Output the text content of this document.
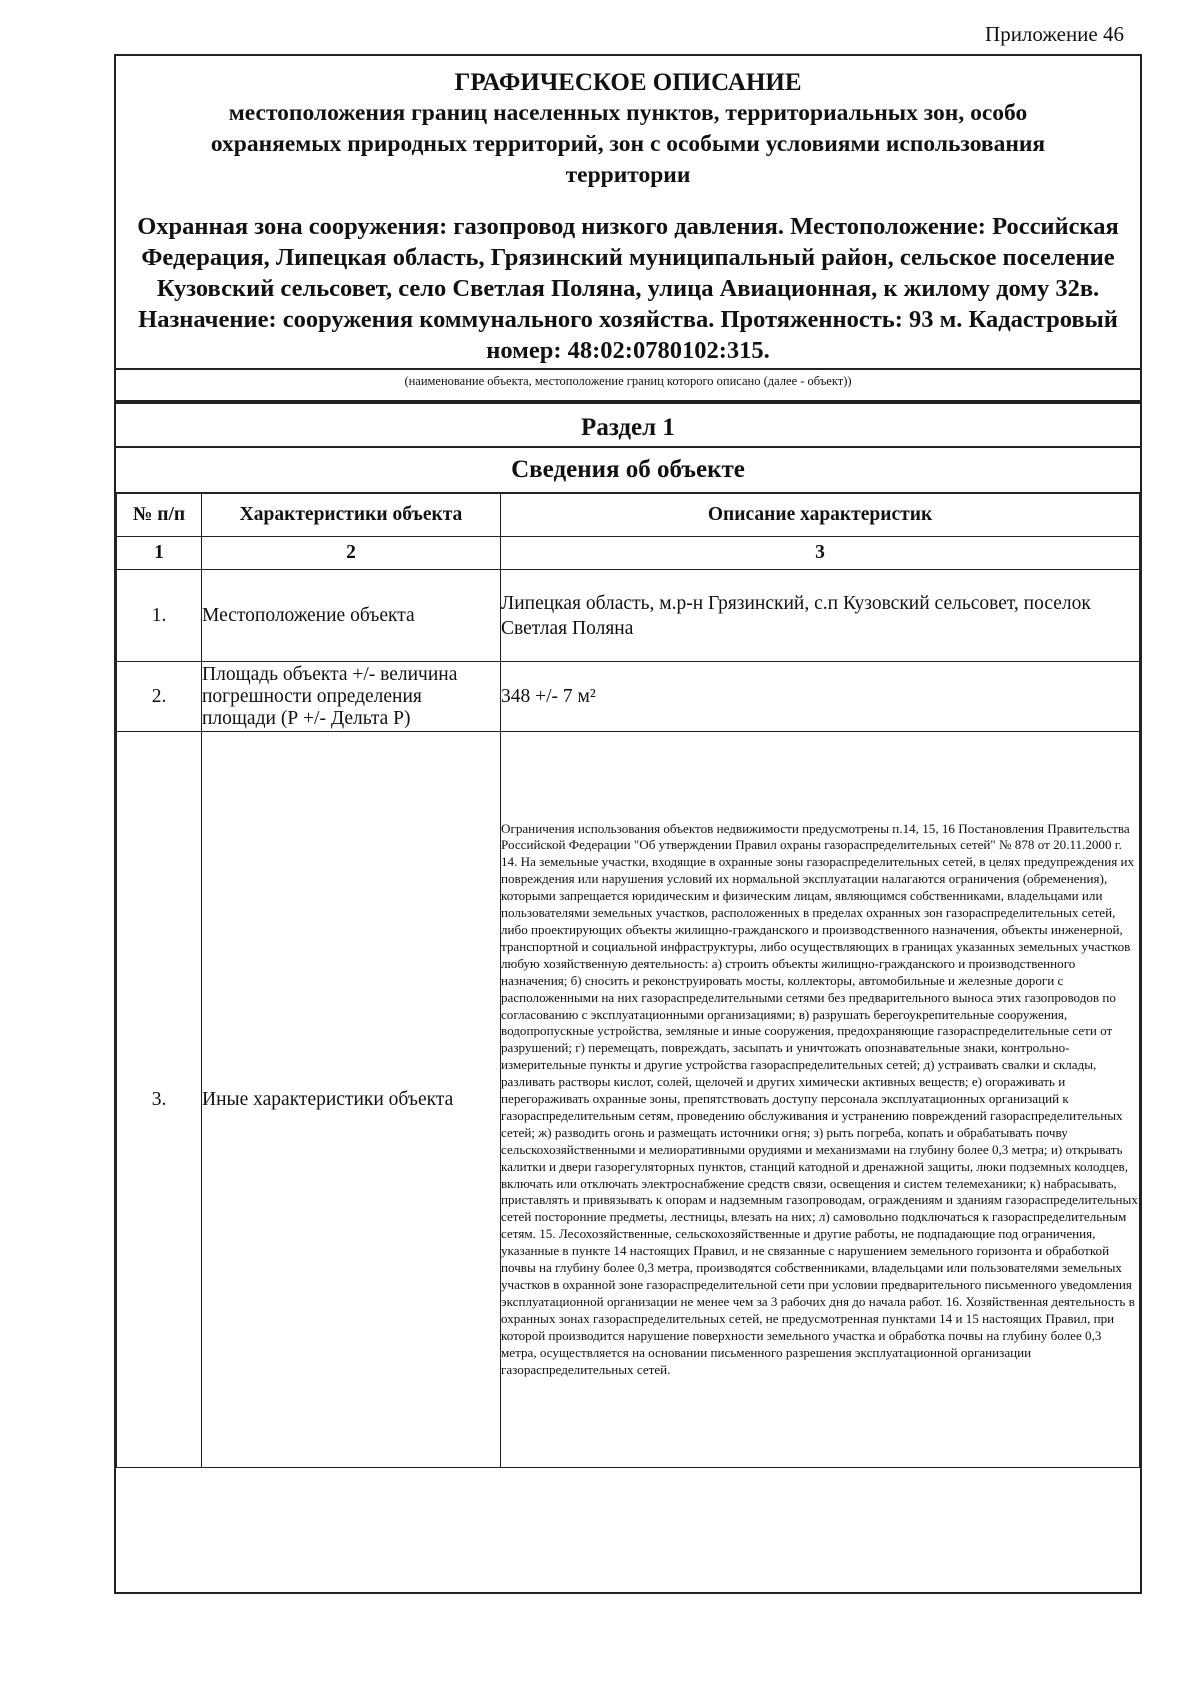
Приложение 46
ГРАФИЧЕСКОЕ ОПИСАНИЕ
местоположения границ населенных пунктов, территориальных зон, особо охраняемых природных территорий, зон с особыми условиями использования территории
Охранная зона сооружения: газопровод низкого давления. Местоположение: Российская Федерация, Липецкая область, Грязинский муниципальный район, сельское поселение Кузовский сельсовет, село Светлая Поляна, улица Авиационная, к жилому дому 32в. Назначение: сооружения коммунального хозяйства. Протяженность: 93 м. Кадастровый номер: 48:02:0780102:315.
(наименование объекта, местоположение границ которого описано (далее - объект))
Раздел 1
Сведения об объекте
№ п/п	Характеристики объекта	Описание характеристик
1	2	3
1.	Местоположение объекта	Липецкая область, м.р-н Грязинский, с.п Кузовский сельсовет, поселок Светлая Поляна
2.	Площадь объекта +/- величина погрешности определения площади (Р +/- Дельта Р)	348 +/- 7 м²
3.	Иные характеристики объекта	Ограничения использования объектов недвижимости предусмотрены п.14, 15, 16 Постановления Правительства Российской Федерации "Об утверждении Правил охраны газораспределительных сетей" № 878 от 20.11.2000 г. 14. На земельные участки, входящие в охранные зоны газораспределительных сетей, в целях предупреждения их повреждения или нарушения условий их нормальной эксплуатации налагаются ограничения (обременения), которыми запрещается юридическим и физическим лицам, являющимся собственниками, владельцами или пользователями земельных участков, расположенных в пределах охранных зон газораспределительных сетей, либо проектирующих объекты жилищно-гражданского и производственного назначения, объекты инженерной, транспортной и социальной инфраструктуры, либо осуществляющих в границах указанных земельных участков любую хозяйственную деятельность: а) строить объекты жилищно-гражданского и производственного назначения; б) сносить и реконструировать мосты, коллекторы, автомобильные и железные дороги с расположенными на них газораспределительными сетями без предварительного выноса этих газопроводов по согласованию с эксплуатационными организациями; в) разрушать берегоукрепительные сооружения, водопропускные устройства, земляные и иные сооружения, предохраняющие газораспределительные сети от разрушений; г) перемещать, повреждать, засыпать и уничтожать опознавательные знаки, контрольно-измерительные пункты и другие устройства газораспределительных сетей; д) устраивать свалки и склады, разливать растворы кислот, солей, щелочей и других химически активных веществ; е) огораживать и перегораживать охранные зоны, препятствовать доступу персонала эксплуатационных организаций к газораспределительным сетям, проведению обслуживания и устранению повреждений газораспределительных сетей; ж) разводить огонь и размещать источники огня; з) рыть погреба, копать и обрабатывать почву сельскохозяйственными и мелиоративными орудиями и механизмами на глубину более 0,3 метра; и) открывать калитки и двери газорегуляторных пунктов, станций катодной и дренажной защиты, люки подземных колодцев, включать или отключать электроснабжение средств связи, освещения и систем телемеханики; к) набрасывать, приставлять и привязывать к опорам и надземным газопроводам, ограждениям и зданиям газораспределительных сетей посторонние предметы, лестницы, влезать на них; л) самовольно подключаться к газораспределительным сетям. 15. Лесохозяйственные, сельскохозяйственные и другие работы, не подпадающие под ограничения, указанные в пункте 14 настоящих Правил, и не связанные с нарушением земельного горизонта и обработкой почвы на глубину более 0,3 метра, производятся собственниками, владельцами или пользователями земельных участков в охранной зоне газораспределительной сети при условии предварительного письменного уведомления эксплуатационной организации не менее чем за 3 рабочих дня до начала работ. 16. Хозяйственная деятельность в охранных зонах газораспределительных сетей, не предусмотренная пунктами 14 и 15 настоящих Правил, при которой производится нарушение поверхности земельного участка и обработка почвы на глубину более 0,3 метра, осуществляется на основании письменного разрешения эксплуатационной организации газораспределительных сетей.
